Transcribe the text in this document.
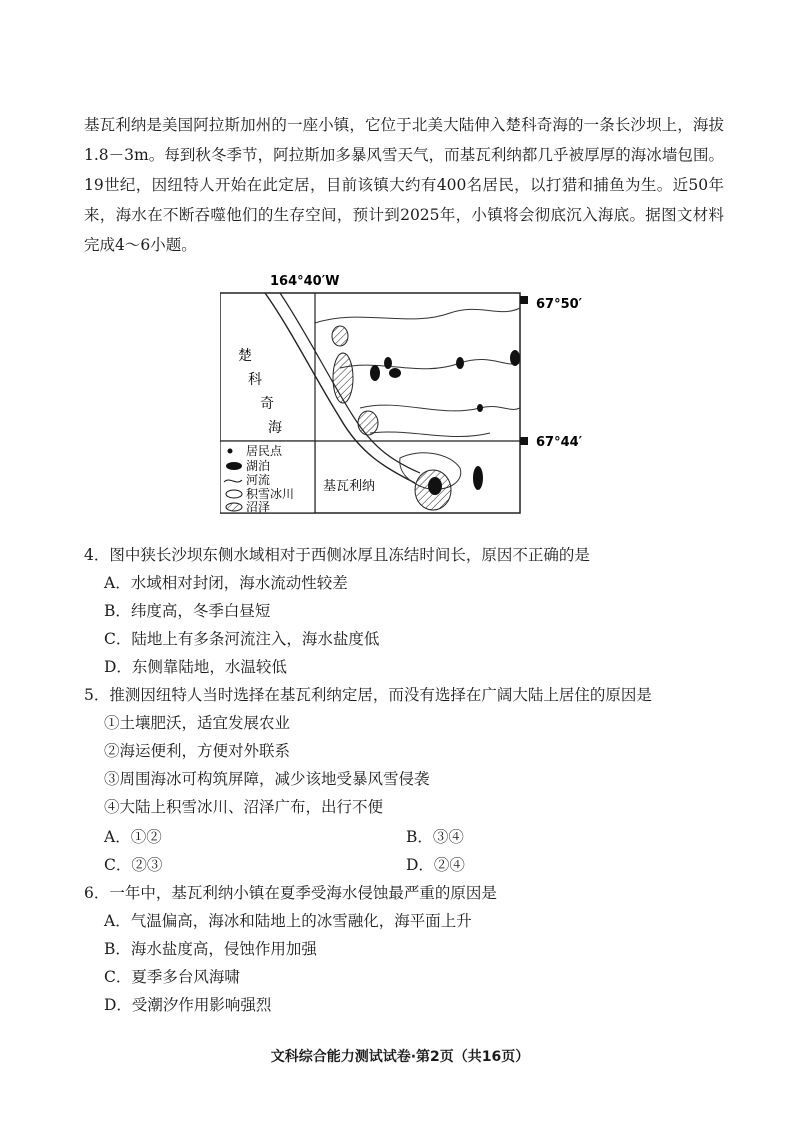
基瓦利纳是美国阿拉斯加州的一座小镇，它位于北美大陆伸入楚科奇海的一条长沙坝上，海拔1.8－3m。每到秋冬季节，阿拉斯加多暴风雪天气，而基瓦利纳都几乎被厚厚的海冰墙包围。19世纪，因纽特人开始在此定居，目前该镇大约有400名居民，以打猎和捕鱼为生。近50年来，海水在不断吞噬他们的生存空间，预计到2025年，小镇将会彻底沉入海底。据图文材料完成4～6小题。
164°40′W
67°50′
67°44′
楚
科
奇
海
居民点
湖泊
河流
积雪冰川
沼泽
基瓦利纳
4．图中狭长沙坝东侧水域相对于西侧冰厚且冻结时间长，原因不正确的是
A．水域相对封闭，海水流动性较差
B．纬度高，冬季白昼短
C．陆地上有多条河流注入，海水盐度低
D．东侧靠陆地，水温较低
5．推测因纽特人当时选择在基瓦利纳定居，而没有选择在广阔大陆上居住的原因是
①土壤肥沃，适宜发展农业
②海运便利，方便对外联系
③周围海冰可构筑屏障，减少该地受暴风雪侵袭
④大陆上积雪冰川、沼泽广布，出行不便
A．①②	B．③④
C．②③	D．②④
6．一年中，基瓦利纳小镇在夏季受海水侵蚀最严重的原因是
A．气温偏高，海冰和陆地上的冰雪融化，海平面上升
B．海水盐度高，侵蚀作用加强
C．夏季多台风海啸
D．受潮汐作用影响强烈
文科综合能力测试试卷·第2页（共16页）
